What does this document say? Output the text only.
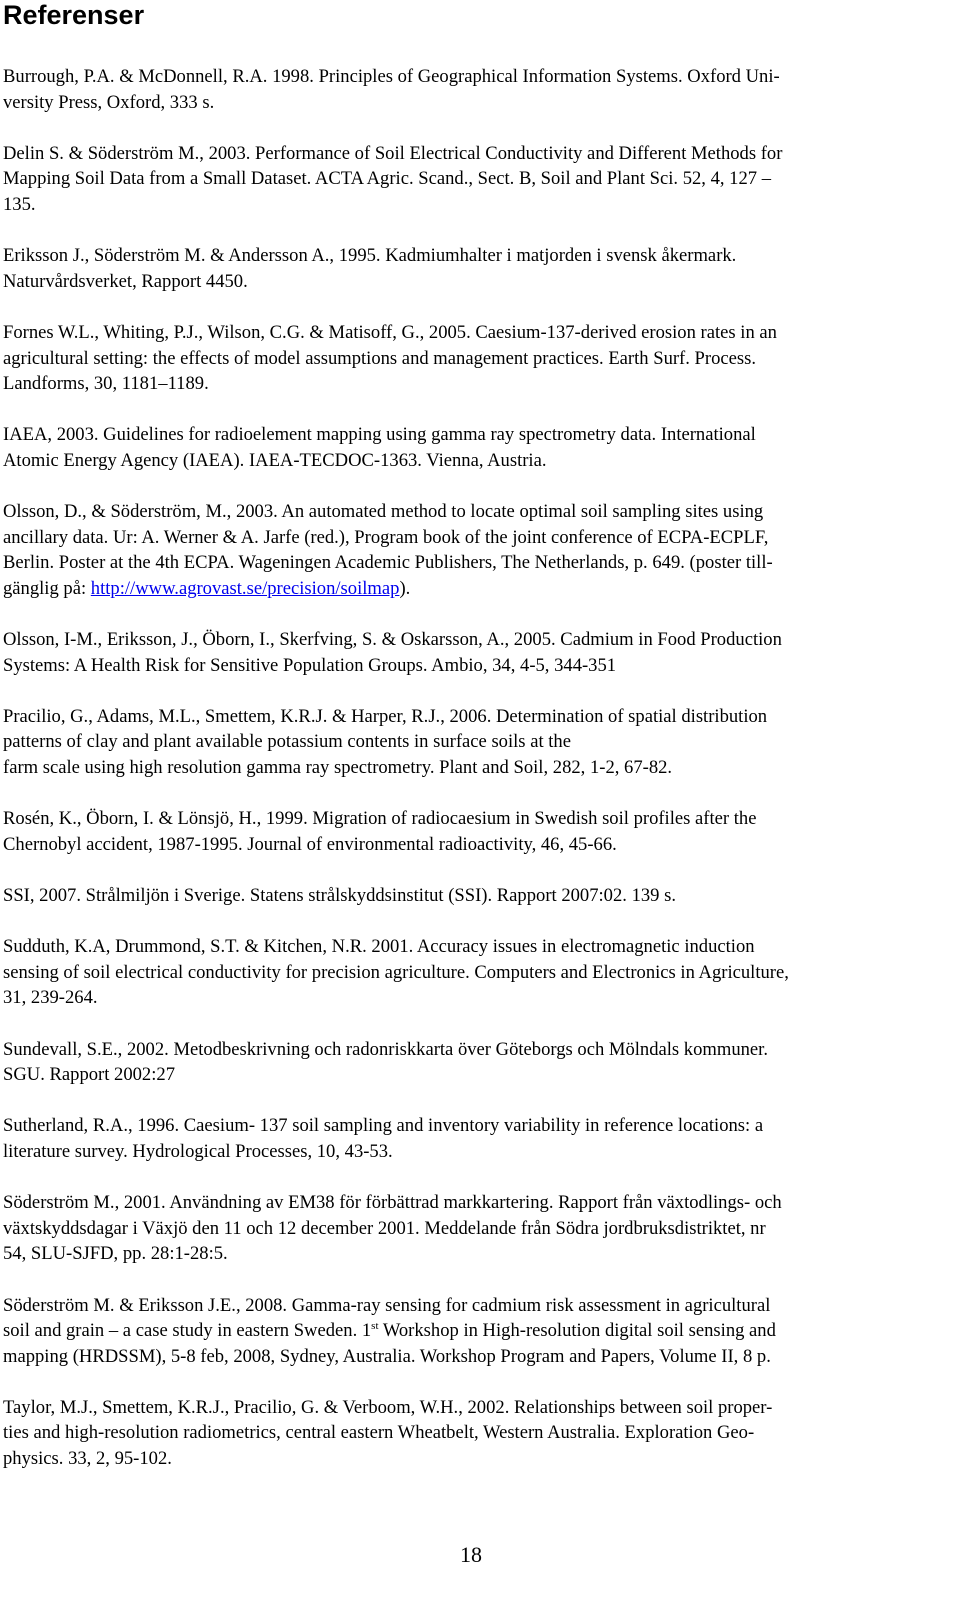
Referenser

Burrough, P.A. & McDonnell, R.A. 1998. Principles of Geographical Information Systems. Oxford Uni-
versity Press, Oxford, 333 s.

Delin S. & Söderström M., 2003. Performance of Soil Electrical Conductivity and Different Methods for
Mapping Soil Data from a Small Dataset. ACTA Agric. Scand., Sect. B, Soil and Plant Sci. 52, 4, 127 –
135.

Eriksson J., Söderström M. & Andersson A., 1995. Kadmiumhalter i matjorden i svensk åkermark.
Naturvårdsverket, Rapport 4450.

Fornes W.L., Whiting, P.J., Wilson, C.G. & Matisoff, G., 2005. Caesium-137-derived erosion rates in an
agricultural setting: the effects of model assumptions and management practices. Earth Surf. Process.
Landforms, 30, 1181–1189.

IAEA, 2003. Guidelines for radioelement mapping using gamma ray spectrometry data. International
Atomic Energy Agency (IAEA). IAEA-TECDOC-1363. Vienna, Austria.

Olsson, D., & Söderström, M., 2003. An automated method to locate optimal soil sampling sites using
ancillary data. Ur: A. Werner & A. Jarfe (red.), Program book of the joint conference of ECPA-ECPLF,
Berlin. Poster at the 4th ECPA. Wageningen Academic Publishers, The Netherlands, p. 649. (poster till-
gänglig på: http://www.agrovast.se/precision/soilmap).

Olsson, I-M., Eriksson, J., Öborn, I., Skerfving, S. & Oskarsson, A., 2005. Cadmium in Food Production
Systems: A Health Risk for Sensitive Population Groups. Ambio, 34, 4-5, 344-351

Pracilio, G., Adams, M.L., Smettem, K.R.J. & Harper, R.J., 2006. Determination of spatial distribution
patterns of clay and plant available potassium contents in surface soils at the
farm scale using high resolution gamma ray spectrometry. Plant and Soil, 282, 1-2, 67-82.

Rosén, K., Öborn, I. & Lönsjö, H., 1999. Migration of radiocaesium in Swedish soil profiles after the
Chernobyl accident, 1987-1995. Journal of environmental radioactivity, 46, 45-66.

SSI, 2007. Strålmiljön i Sverige. Statens strålskyddsinstitut (SSI). Rapport 2007:02. 139 s.

Sudduth, K.A, Drummond, S.T. & Kitchen, N.R. 2001. Accuracy issues in electromagnetic induction
sensing of soil electrical conductivity for precision agriculture. Computers and Electronics in Agriculture,
31, 239-264.

Sundevall, S.E., 2002. Metodbeskrivning och radonriskkarta över Göteborgs och Mölndals kommuner.
SGU. Rapport 2002:27

Sutherland, R.A., 1996. Caesium- 137 soil sampling and inventory variability in reference locations: a
literature survey. Hydrological Processes, 10, 43-53.

Söderström M., 2001. Användning av EM38 för förbättrad markkartering. Rapport från växtodlings- och
växtskyddsdagar i Växjö den 11 och 12 december 2001. Meddelande från Södra jordbruksdistriktet, nr
54, SLU-SJFD, pp. 28:1-28:5.

Söderström M. & Eriksson J.E., 2008. Gamma-ray sensing for cadmium risk assessment in agricultural
soil and grain – a case study in eastern Sweden. 1st Workshop in High-resolution digital soil sensing and
mapping (HRDSSM), 5-8 feb, 2008, Sydney, Australia. Workshop Program and Papers, Volume II, 8 p.

Taylor, M.J., Smettem, K.R.J., Pracilio, G. & Verboom, W.H., 2002. Relationships between soil proper-
ties and high-resolution radiometrics, central eastern Wheatbelt, Western Australia. Exploration Geo-
physics. 33, 2, 95-102.

18
